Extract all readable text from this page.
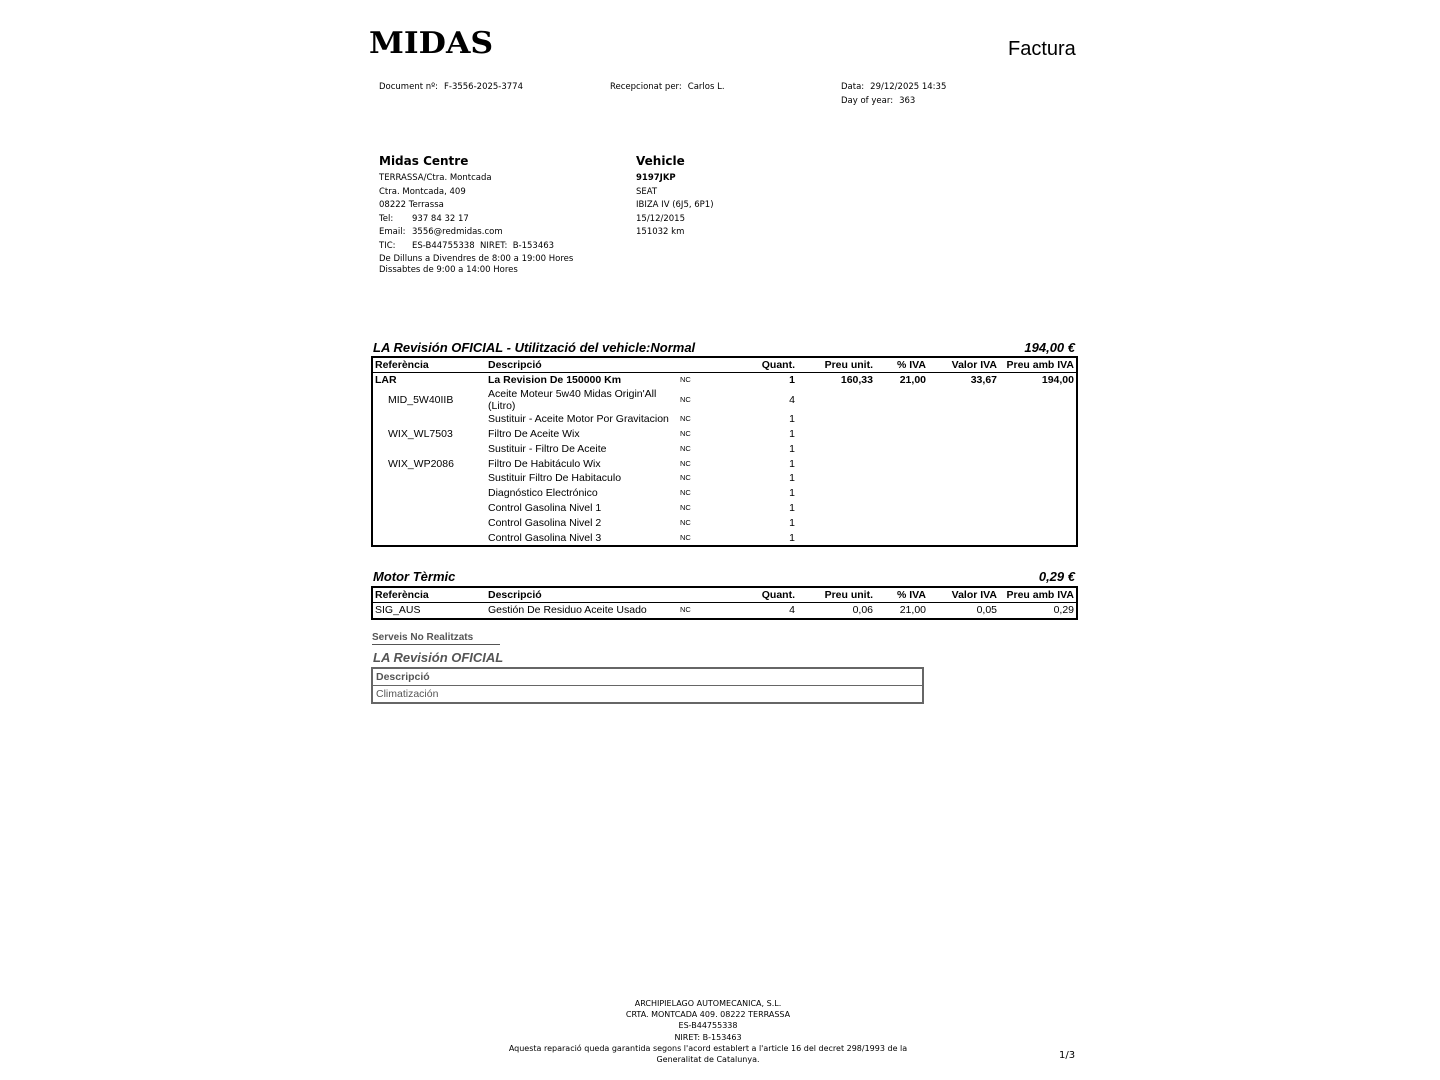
MIDAS	Factura
Document nº: F-3556-2025-3774	Recepcionat per: Carlos L.	Data: 29/12/2025 14:35
Day of year: 363
Midas Centre
TERRASSA/Ctra. Montcada
Ctra. Montcada, 409
08222 Terrassa
Tel: 937 84 32 17
Email: 3556@redmidas.com
TIC: ES-B44755338 NIRET: B-153463
De Dilluns a Divendres de 8:00 a 19:00 Hores
Dissabtes de 9:00 a 14:00 Hores
Vehicle
9197JKP
SEAT
IBIZA IV (6J5, 6P1)
15/12/2015
151032 km
LA Revisión OFICIAL - Utilització del vehicle:Normal	194,00 €
Referència	Descripció		Quant.	Preu unit.	% IVA	Valor IVA	Preu amb IVA
LAR	La Revision De 150000 Km	NC	1	160,33	21,00	33,67	194,00
MID_5W40IIB	Aceite Moteur 5w40 Midas Origin'All (Litro)	NC	4				
	Sustituir - Aceite Motor Por Gravitacion	NC	1				
WIX_WL7503	Filtro De Aceite Wix	NC	1				
	Sustituir - Filtro De Aceite	NC	1				
WIX_WP2086	Filtro De Habitáculo Wix	NC	1				
	Sustituir Filtro De Habitaculo	NC	1				
	Diagnóstico Electrónico	NC	1				
	Control Gasolina Nivel 1	NC	1				
	Control Gasolina Nivel 2	NC	1				
	Control Gasolina Nivel 3	NC	1				
Motor Tèrmic	0,29 €
Referència	Descripció		Quant.	Preu unit.	% IVA	Valor IVA	Preu amb IVA
SIG_AUS	Gestión De Residuo Aceite Usado	NC	4	0,06	21,00	0,05	0,29
Serveis No Realitzats
LA Revisión OFICIAL
Descripció
Climatización
ARCHIPIELAGO AUTOMECANICA, S.L.
CRTA. MONTCADA 409. 08222 TERRASSA
ES-B44755338
NIRET: B-153463
Aquesta reparació queda garantida segons l'acord establert a l'article 16 del decret 298/1993 de la
Generalitat de Catalunya.	1/3
